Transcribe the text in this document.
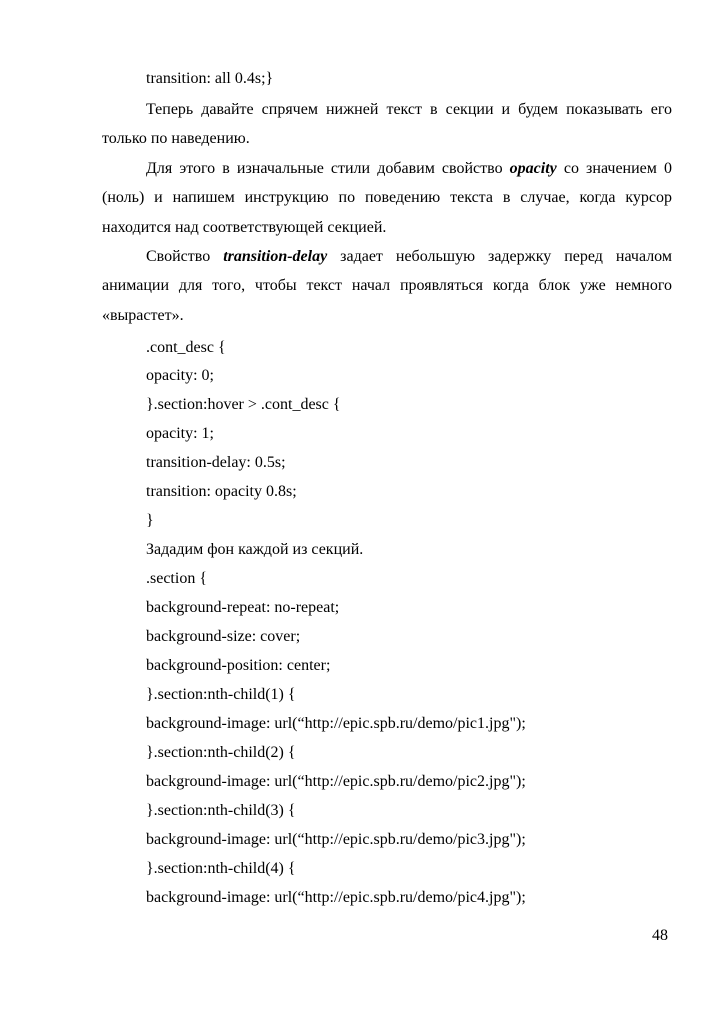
transition: all 0.4s;}
Теперь давайте спрячем нижней текст в секции и будем показывать его только по наведению.
Для этого в изначальные стили добавим свойство opacity со значением 0 (ноль) и напишем инструкцию по поведению текста в случае, когда курсор находится над соответствующей секцией.
Свойство transition-delay задает небольшую задержку перед началом анимации для того, чтобы текст начал проявляться когда блок уже немного «вырастет».
.cont_desc {
opacity: 0;
}.section:hover > .cont_desc {
opacity: 1;
transition-delay: 0.5s;
transition: opacity 0.8s;
}
Зададим фон каждой из секций.
.section {
background-repeat: no-repeat;
background-size: cover;
background-position: center;
}.section:nth-child(1) {
background-image: url(“http://epic.spb.ru/demo/pic1.jpg");
}.section:nth-child(2) {
background-image: url(“http://epic.spb.ru/demo/pic2.jpg");
}.section:nth-child(3) {
background-image: url(“http://epic.spb.ru/demo/pic3.jpg");
}.section:nth-child(4) {
background-image: url(“http://epic.spb.ru/demo/pic4.jpg");
48
